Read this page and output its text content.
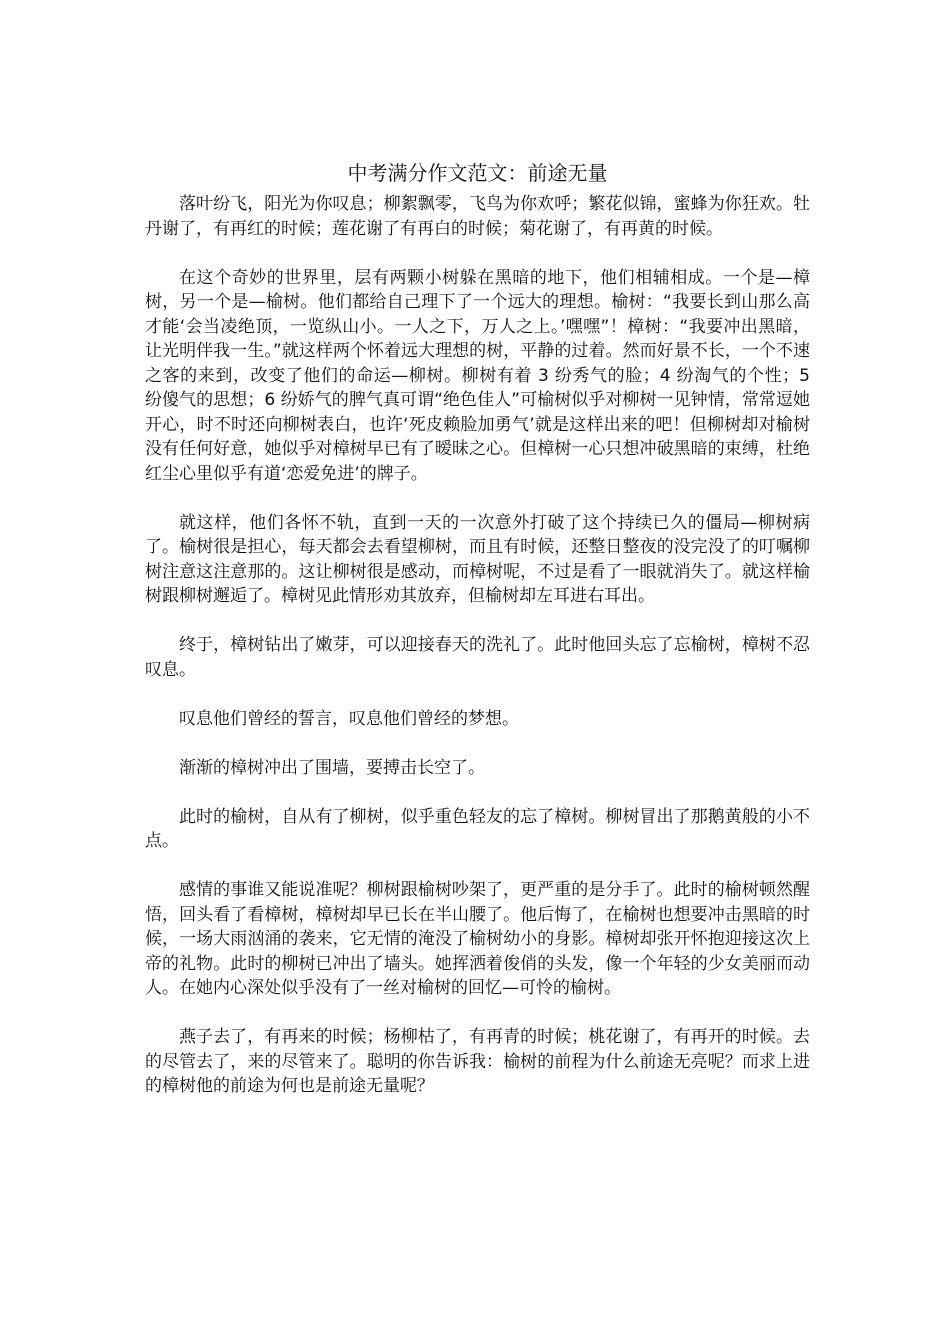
中考满分作文范文：前途无量

落叶纷飞，阳光为你叹息；柳絮飘零，飞鸟为你欢呼；繁花似锦，蜜蜂为你狂欢。牡丹谢了，有再红的时候；莲花谢了有再白的时候；菊花谢了，有再黄的时候。

在这个奇妙的世界里，层有两颗小树躲在黑暗的地下，他们相辅相成。一个是—樟树，另一个是—榆树。他们都给自己理下了一个远大的理想。榆树：“我要长到山那么高才能‘会当凌绝顶，一览纵山小。一人之下，万人之上。’嘿嘿”！樟树：“我要冲出黑暗，让光明伴我一生。”就这样两个怀着远大理想的树，平静的过着。然而好景不长，一个不速之客的来到，改变了他们的命运—柳树。柳树有着 3 纷秀气的脸；4 纷淘气的个性；5 纷傻气的思想；6 纷娇气的脾气真可谓“绝色佳人”可榆树似乎对柳树一见钟情，常常逗她开心，时不时还向柳树表白，也许‘死皮赖脸加勇气’就是这样出来的吧！但柳树却对榆树没有任何好意，她似乎对樟树早已有了暧昧之心。但樟树一心只想冲破黑暗的束缚，杜绝红尘心里似乎有道‘恋爱免进’的牌子。

就这样，他们各怀不轨，直到一天的一次意外打破了这个持续已久的僵局—柳树病了。榆树很是担心，每天都会去看望柳树，而且有时候，还整日整夜的没完没了的叮嘱柳树注意这注意那的。这让柳树很是感动，而樟树呢，不过是看了一眼就消失了。就这样榆树跟柳树邂逅了。樟树见此情形劝其放弃，但榆树却左耳进右耳出。

终于，樟树钻出了嫩芽，可以迎接春天的洗礼了。此时他回头忘了忘榆树，樟树不忍叹息。

叹息他们曾经的誓言，叹息他们曾经的梦想。

渐渐的樟树冲出了围墙，要搏击长空了。

此时的榆树，自从有了柳树，似乎重色轻友的忘了樟树。柳树冒出了那鹅黄般的小不点。

感情的事谁又能说准呢？柳树跟榆树吵架了，更严重的是分手了。此时的榆树顿然醒悟，回头看了看樟树，樟树却早已长在半山腰了。他后悔了，在榆树也想要冲击黑暗的时候，一场大雨汹涌的袭来，它无情的淹没了榆树幼小的身影。樟树却张开怀抱迎接这次上帝的礼物。此时的柳树已冲出了墙头。她挥洒着俊俏的头发，像一个年轻的少女美丽而动人。在她内心深处似乎没有了一丝对榆树的回忆—可怜的榆树。

燕子去了，有再来的时候；杨柳枯了，有再青的时候；桃花谢了，有再开的时候。去的尽管去了，来的尽管来了。聪明的你告诉我：榆树的前程为什么前途无亮呢？而求上进的樟树他的前途为何也是前途无量呢？
